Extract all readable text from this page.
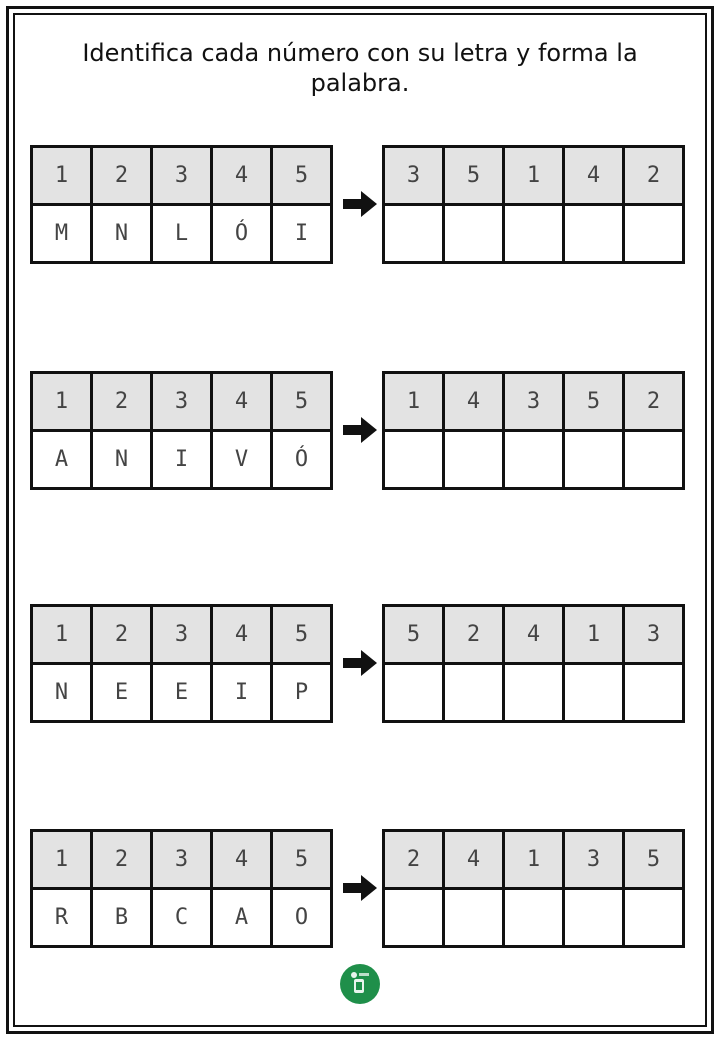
Identifica cada número con su letra y forma la palabra.
1	2	3	4	5
M	N	L	Ó	I
3	5	1	4	2

1	2	3	4	5
A	N	I	V	Ó
1	4	3	5	2

1	2	3	4	5
N	E	E	I	P
5	2	4	1	3

1	2	3	4	5
R	B	C	A	O
2	4	1	3	5
